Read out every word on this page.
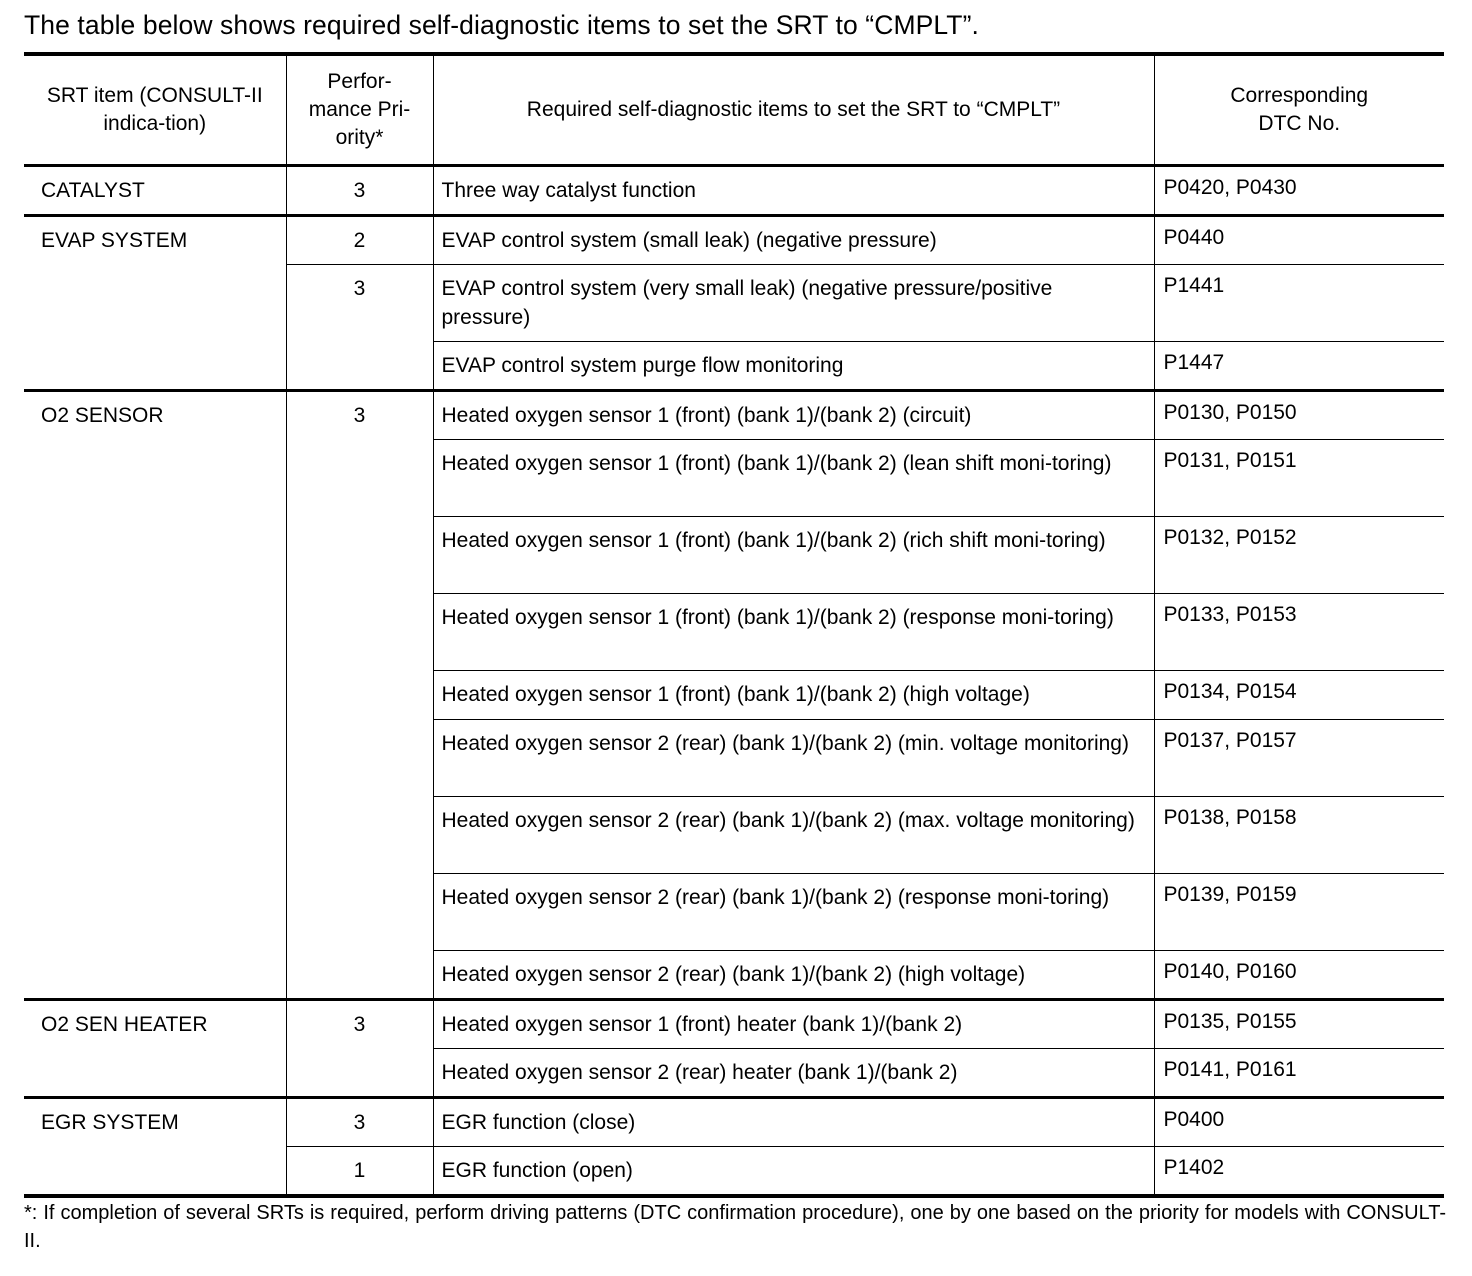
The table below shows required self-diagnostic items to set the SRT to “CMPLT”.

SRT item (CONSULT-II indica-tion)	Perfor-mance Pri-ority*	Required self-diagnostic items to set the SRT to “CMPLT”	Corresponding DTC No.
CATALYST	3	Three way catalyst function	P0420, P0430
EVAP SYSTEM	2	EVAP control system (small leak) (negative pressure)	P0440
	3	EVAP control system (very small leak) (negative pressure/positive pressure)	P1441
		EVAP control system purge flow monitoring	P1447
O2 SENSOR	3	Heated oxygen sensor 1 (front) (bank 1)/(bank 2) (circuit)	P0130, P0150
		Heated oxygen sensor 1 (front) (bank 1)/(bank 2) (lean shift moni-toring)	P0131, P0151
		Heated oxygen sensor 1 (front) (bank 1)/(bank 2) (rich shift moni-toring)	P0132, P0152
		Heated oxygen sensor 1 (front) (bank 1)/(bank 2) (response moni-toring)	P0133, P0153
		Heated oxygen sensor 1 (front) (bank 1)/(bank 2) (high voltage)	P0134, P0154
		Heated oxygen sensor 2 (rear) (bank 1)/(bank 2) (min. voltage monitoring)	P0137, P0157
		Heated oxygen sensor 2 (rear) (bank 1)/(bank 2) (max. voltage monitoring)	P0138, P0158
		Heated oxygen sensor 2 (rear) (bank 1)/(bank 2) (response moni-toring)	P0139, P0159
		Heated oxygen sensor 2 (rear) (bank 1)/(bank 2) (high voltage)	P0140, P0160
O2 SEN HEATER	3	Heated oxygen sensor 1 (front) heater (bank 1)/(bank 2)	P0135, P0155
		Heated oxygen sensor 2 (rear) heater (bank 1)/(bank 2)	P0141, P0161
EGR SYSTEM	3	EGR function (close)	P0400
	1	EGR function (open)	P1402

*: If completion of several SRTs is required, perform driving patterns (DTC confirmation procedure), one by one based on the priority for models with CONSULT-II.
